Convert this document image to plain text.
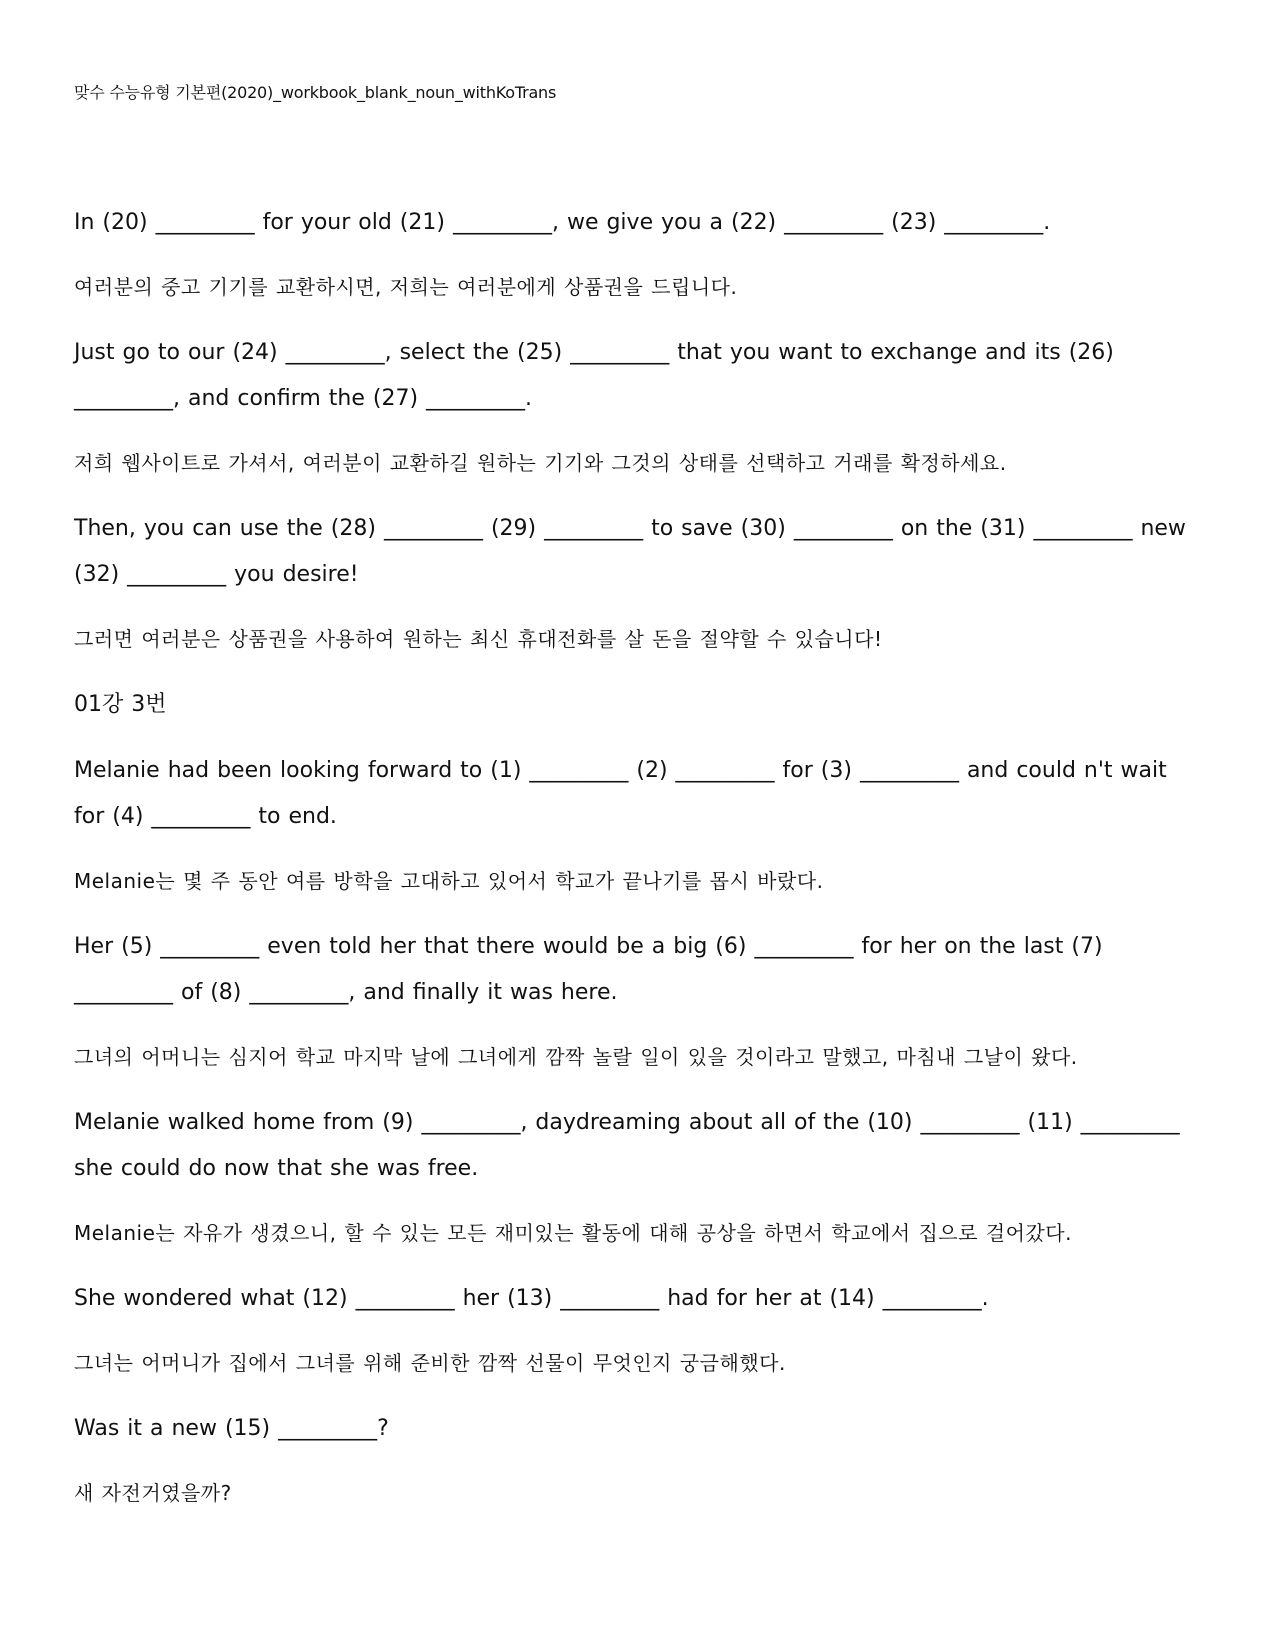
맞수 수능유형 기본편(2020)_workbook_blank_noun_withKoTrans

In (20) _________ for your old (21) _________, we give you a (22) _________ (23) _________.

여러분의 중고 기기를 교환하시면, 저희는 여러분에게 상품권을 드립니다.

Just go to our (24) _________, select the (25) _________ that you want to exchange and its (26) _________, and confirm the (27) _________.

저희 웹사이트로 가셔서, 여러분이 교환하길 원하는 기기와 그것의 상태를 선택하고 거래를 확정하세요.

Then, you can use the (28) _________ (29) _________ to save (30) _________ on the (31) _________ new (32) _________ you desire!

그러면 여러분은 상품권을 사용하여 원하는 최신 휴대전화를 살 돈을 절약할 수 있습니다!

01강 3번

Melanie had been looking forward to (1) _________ (2) _________ for (3) _________ and could n't wait for (4) _________ to end.

Melanie는 몇 주 동안 여름 방학을 고대하고 있어서 학교가 끝나기를 몹시 바랐다.

Her (5) _________ even told her that there would be a big (6) _________ for her on the last (7) _________ of (8) _________, and finally it was here.

그녀의 어머니는 심지어 학교 마지막 날에 그녀에게 깜짝 놀랄 일이 있을 것이라고 말했고, 마침내 그날이 왔다.

Melanie walked home from (9) _________, daydreaming about all of the (10) _________ (11) _________ she could do now that she was free.

Melanie는 자유가 생겼으니, 할 수 있는 모든 재미있는 활동에 대해 공상을 하면서 학교에서 집으로 걸어갔다.

She wondered what (12) _________ her (13) _________ had for her at (14) _________.

그녀는 어머니가 집에서 그녀를 위해 준비한 깜짝 선물이 무엇인지 궁금해했다.

Was it a new (15) _________?

새 자전거였을까?
